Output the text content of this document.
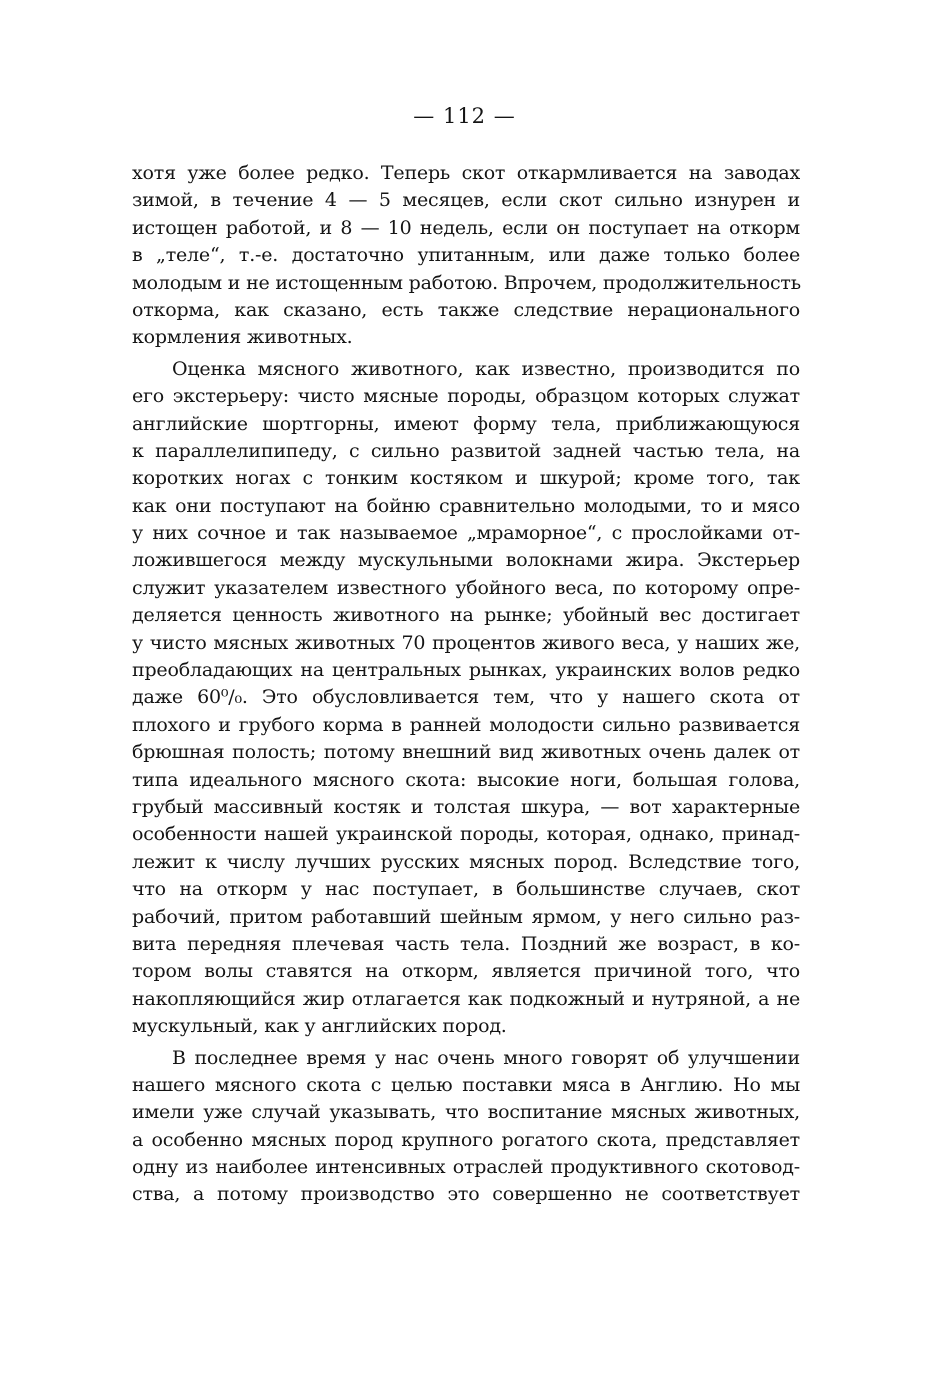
— 112 —
хотя уже более редко. Теперь скот откармливается на заводах
зимой, в течение 4 — 5 месяцев, если скот сильно изнурен и
истощен работой, и 8 — 10 недель, если он поступает на откорм
в „теле“, т.-е. достаточно упитанным, или даже только более
молодым и не истощенным работою. Впрочем, продолжительность
откорма, как сказано, есть также следствие нерационального
кормления животных.
Оценка мясного животного, как известно, производится по
его экстерьеру: чисто мясные породы, образцом которых служат
английские шортгорны, имеют форму тела, приближающуюся
к параллелипипеду, с сильно развитой задней частью тела, на
коротких ногах с тонким костяком и шкурой; кроме того, так
как они поступают на бойню сравнительно молодыми, то и мясо
у них сочное и так называемое „мраморное“, с прослойками от-
ложившегося между мускульными волокнами жира. Экстерьер
служит указателем известного убойного веса, по которому опре-
деляется ценность животного на рынке; убойный вес достигает
у чисто мясных животных 70 процентов живого веса, у наших же,
преобладающих на центральных рынках, украинских волов редко
даже 60⁰/₀. Это обусловливается тем, что у нашего скота от
плохого и грубого корма в ранней молодости сильно развивается
брюшная полость; потому внешний вид животных очень далек от
типа идеального мясного скота: высокие ноги, большая голова,
грубый массивный костяк и толстая шкура, — вот характерные
особенности нашей украинской породы, которая, однако, принад-
лежит к числу лучших русских мясных пород. Вследствие того,
что на откорм у нас поступает, в большинстве случаев, скот
рабочий, притом работавший шейным ярмом, у него сильно раз-
вита передняя плечевая часть тела. Поздний же возраст, в ко-
тором волы ставятся на откорм, является причиной того, что
накопляющийся жир отлагается как подкожный и нутряной, а не
мускульный, как у английских пород.
В последнее время у нас очень много говорят об улучшении
нашего мясного скота с целью поставки мяса в Англию. Но мы
имели уже случай указывать, что воспитание мясных животных,
а особенно мясных пород крупного рогатого скота, представляет
одну из наиболее интенсивных отраслей продуктивного скотовод-
ства, а потому производство это совершенно не соответствует
